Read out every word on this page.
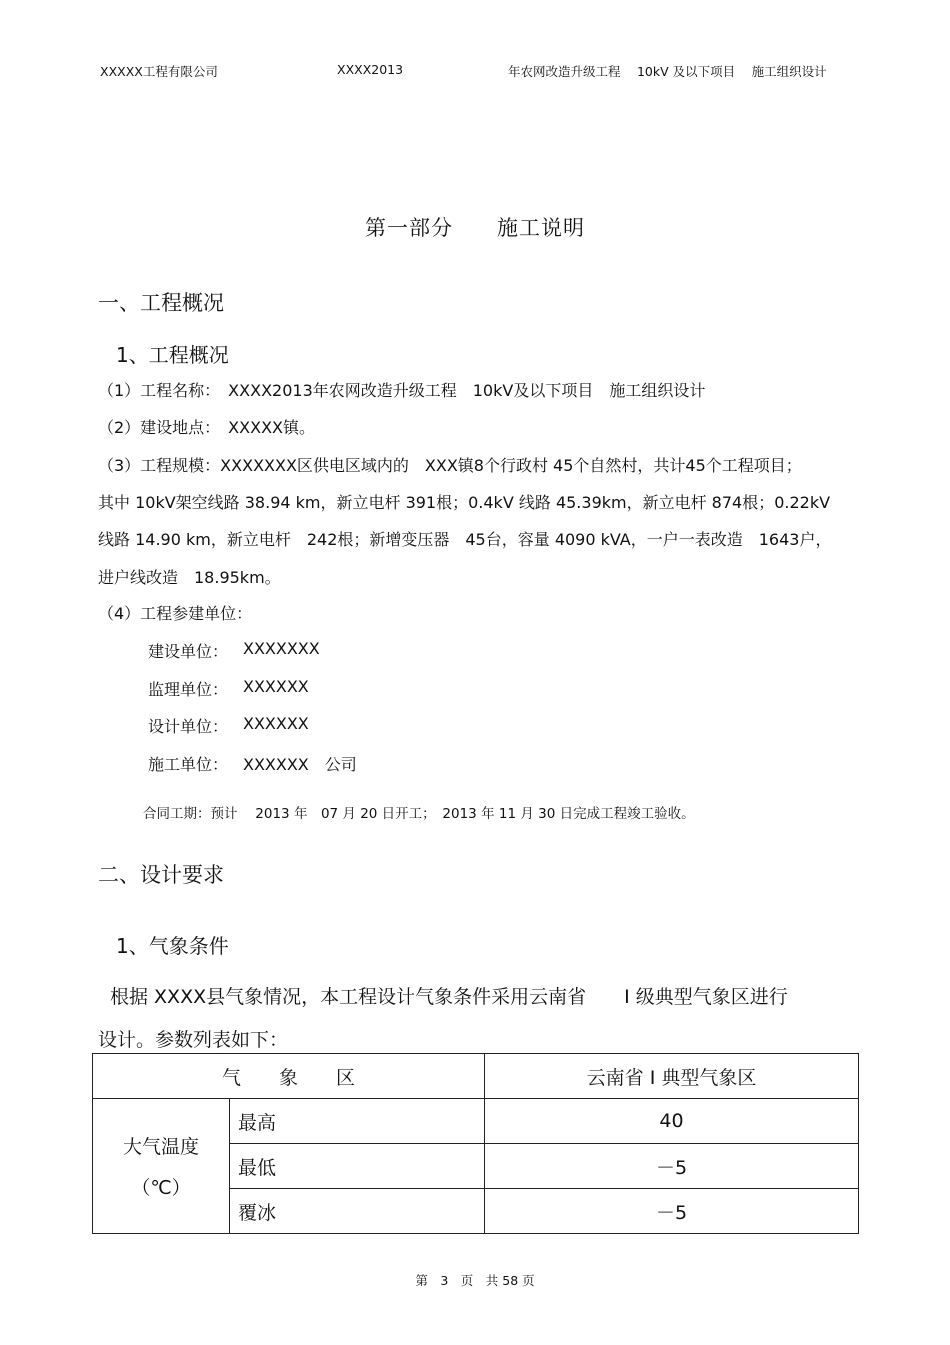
XXXXX工程有限公司	XXXX2013	年农网改造升级工程　 10kV 及以下项目　 施工组织设计
第一部分　　施工说明
一、工程概况
1、工程概况
（1）工程名称：　XXXX2013年农网改造升级工程　10kV及以下项目　施工组织设计
（2）建设地点：　XXXXX镇。
（3）工程规模：XXXXXXX区供电区域内的　XXX镇8个行政村 45个自然村，共计45个工程项目；
其中 10kV架空线路 38.94 km，新立电杆 391根；0.4kV 线路 45.39km，新立电杆 874根；0.22kV
线路 14.90 km，新立电杆　242根；新增变压器　45台，容量 4090 kVA，一户一表改造　1643户，
进户线改造　18.95km。
（4）工程参建单位：
建设单位： XXXXXXX
监理单位： XXXXXX
设计单位： XXXXXX
施工单位： XXXXXX　公司
合同工期：预计　 2013 年　07 月 20 日开工；　2013 年 11 月 30 日完成工程竣工验收。
二、设计要求
1、气象条件
根据 XXXX县气象情况，本工程设计气象条件采用云南省　　I 级典型气象区进行
设计。参数列表如下：
气　　象　　区		云南省 I 典型气象区

大气温度
（℃）	最高	40
	最低	－5
	覆冰	－5
第　3　页　共 58 页
